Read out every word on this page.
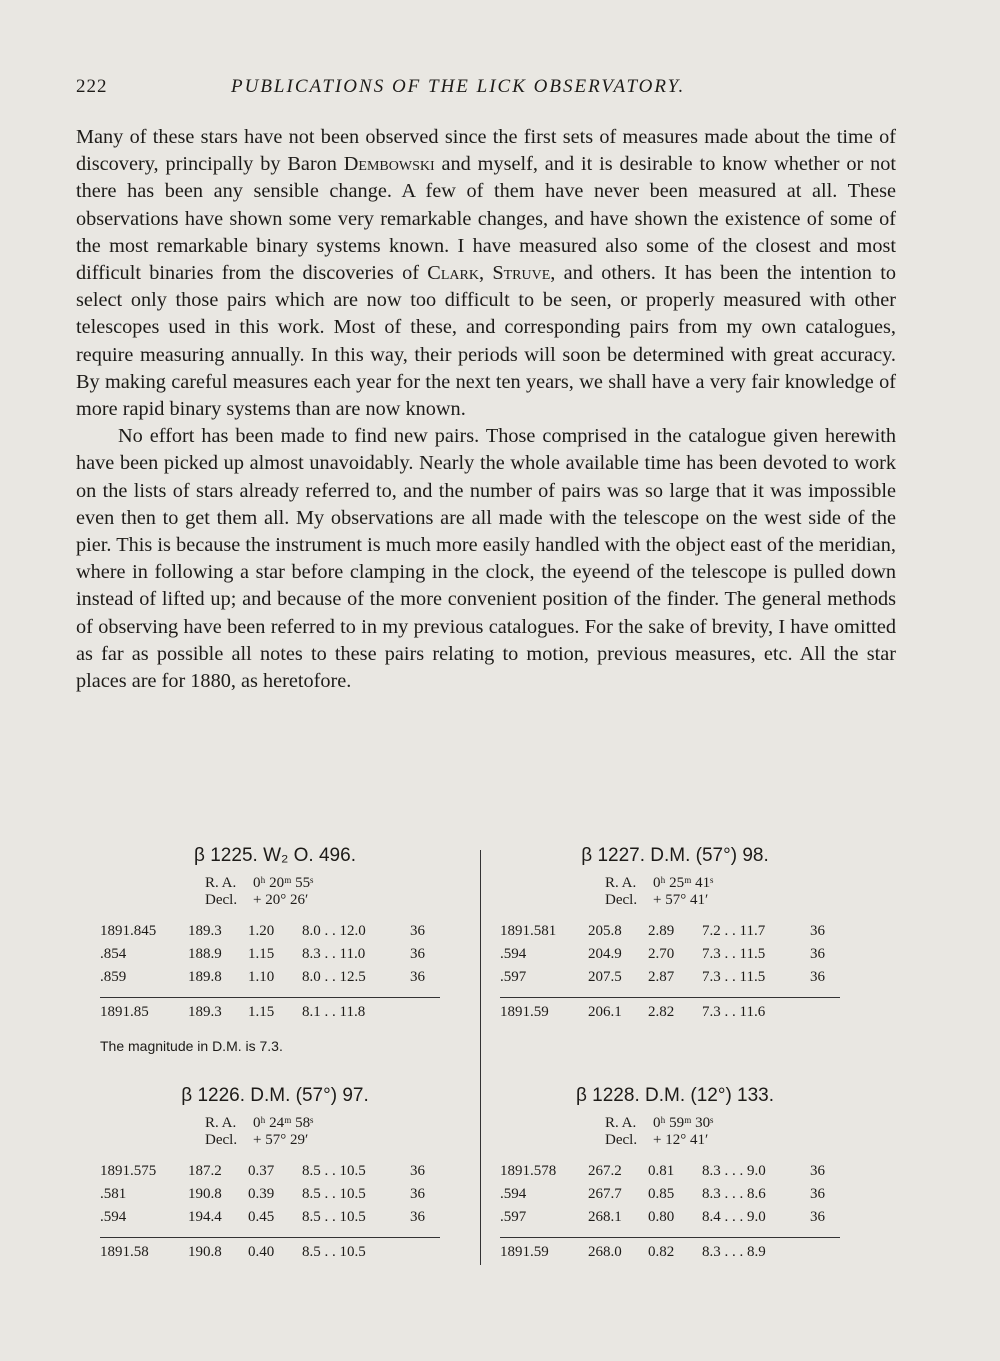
222	PUBLICATIONS OF THE LICK OBSERVATORY.

Many of these stars have not been observed since the first sets of measures made about the time of discovery, principally by Baron Dembowski and myself, and it is desirable to know whether or not there has been any sensible change. A few of them have never been measured at all. These observations have shown some very remarkable changes, and have shown the existence of some of the most remarkable binary systems known. I have measured also some of the closest and most difficult binaries from the discoveries of Clark, Struve, and others. It has been the intention to select only those pairs which are now too difficult to be seen, or properly measured with other telescopes used in this work. Most of these, and corresponding pairs from my own catalogues, require measuring annually. In this way, their periods will soon be determined with great accuracy. By making careful measures each year for the next ten years, we shall have a very fair knowledge of more rapid binary systems than are now known.

No effort has been made to find new pairs. Those comprised in the catalogue given herewith have been picked up almost unavoidably. Nearly the whole available time has been devoted to work on the lists of stars already referred to, and the number of pairs was so large that it was impossible even then to get them all. My observations are all made with the telescope on the west side of the pier. This is because the instrument is much more easily handled with the object east of the meridian, where in following a star before clamping in the clock, the eyeend of the telescope is pulled down instead of lifted up; and because of the more convenient position of the finder. The general methods of observing have been referred to in my previous catalogues. For the sake of brevity, I have omitted as far as possible all notes to these pairs relating to motion, previous measures, etc. All the star places are for 1880, as heretofore.

β 1225. W₂ O. 496.
R. A. 0ʰ 20ᵐ 55ˢ
Decl. + 20° 26′
1891.845 189.3 1.20 8.0 . . 12.0	36
.854	188.9 1.15 8.3 . . 11.0	36
.859	189.8 1.10 8.0 . . 12.5	36
1891.85	189.3 1.15 8.1 . . 11.8
The magnitude in D.M. is 7.3.
β 1227. D.M. (57°) 98.
R. A. 0ʰ 25ᵐ 41ˢ
Decl. + 57° 41′
1891.581 205.8 2.89 7.2 . . 11.7	36
.594	204.9 2.70 7.3 . . 11.5	36
.597	207.5 2.87 7.3 . . 11.5	36
1891.59	206.1 2.82 7.3 . . 11.6
β 1226. D.M. (57°) 97.
R. A. 0ʰ 24ᵐ 58ˢ
Decl. + 57° 29′
1891.575 187.2 0.37 8.5 . . 10.5	36
.581	190.8 0.39 8.5 . . 10.5	36
.594	194.4 0.45 8.5 . . 10.5	36
1891.58	190.8 0.40 8.5 . . 10.5
β 1228. D.M. (12°) 133.
R. A. 0ʰ 59ᵐ 30ˢ
Decl. + 12° 41′
1891.578 267.2 0.81 8.3 . . . 9.0	36
.594	267.7 0.85 8.3 . . . 8.6	36
.597	268.1 0.80 8.4 . . . 9.0	36
1891.59	268.0 0.82 8.3 . . . 8.9
